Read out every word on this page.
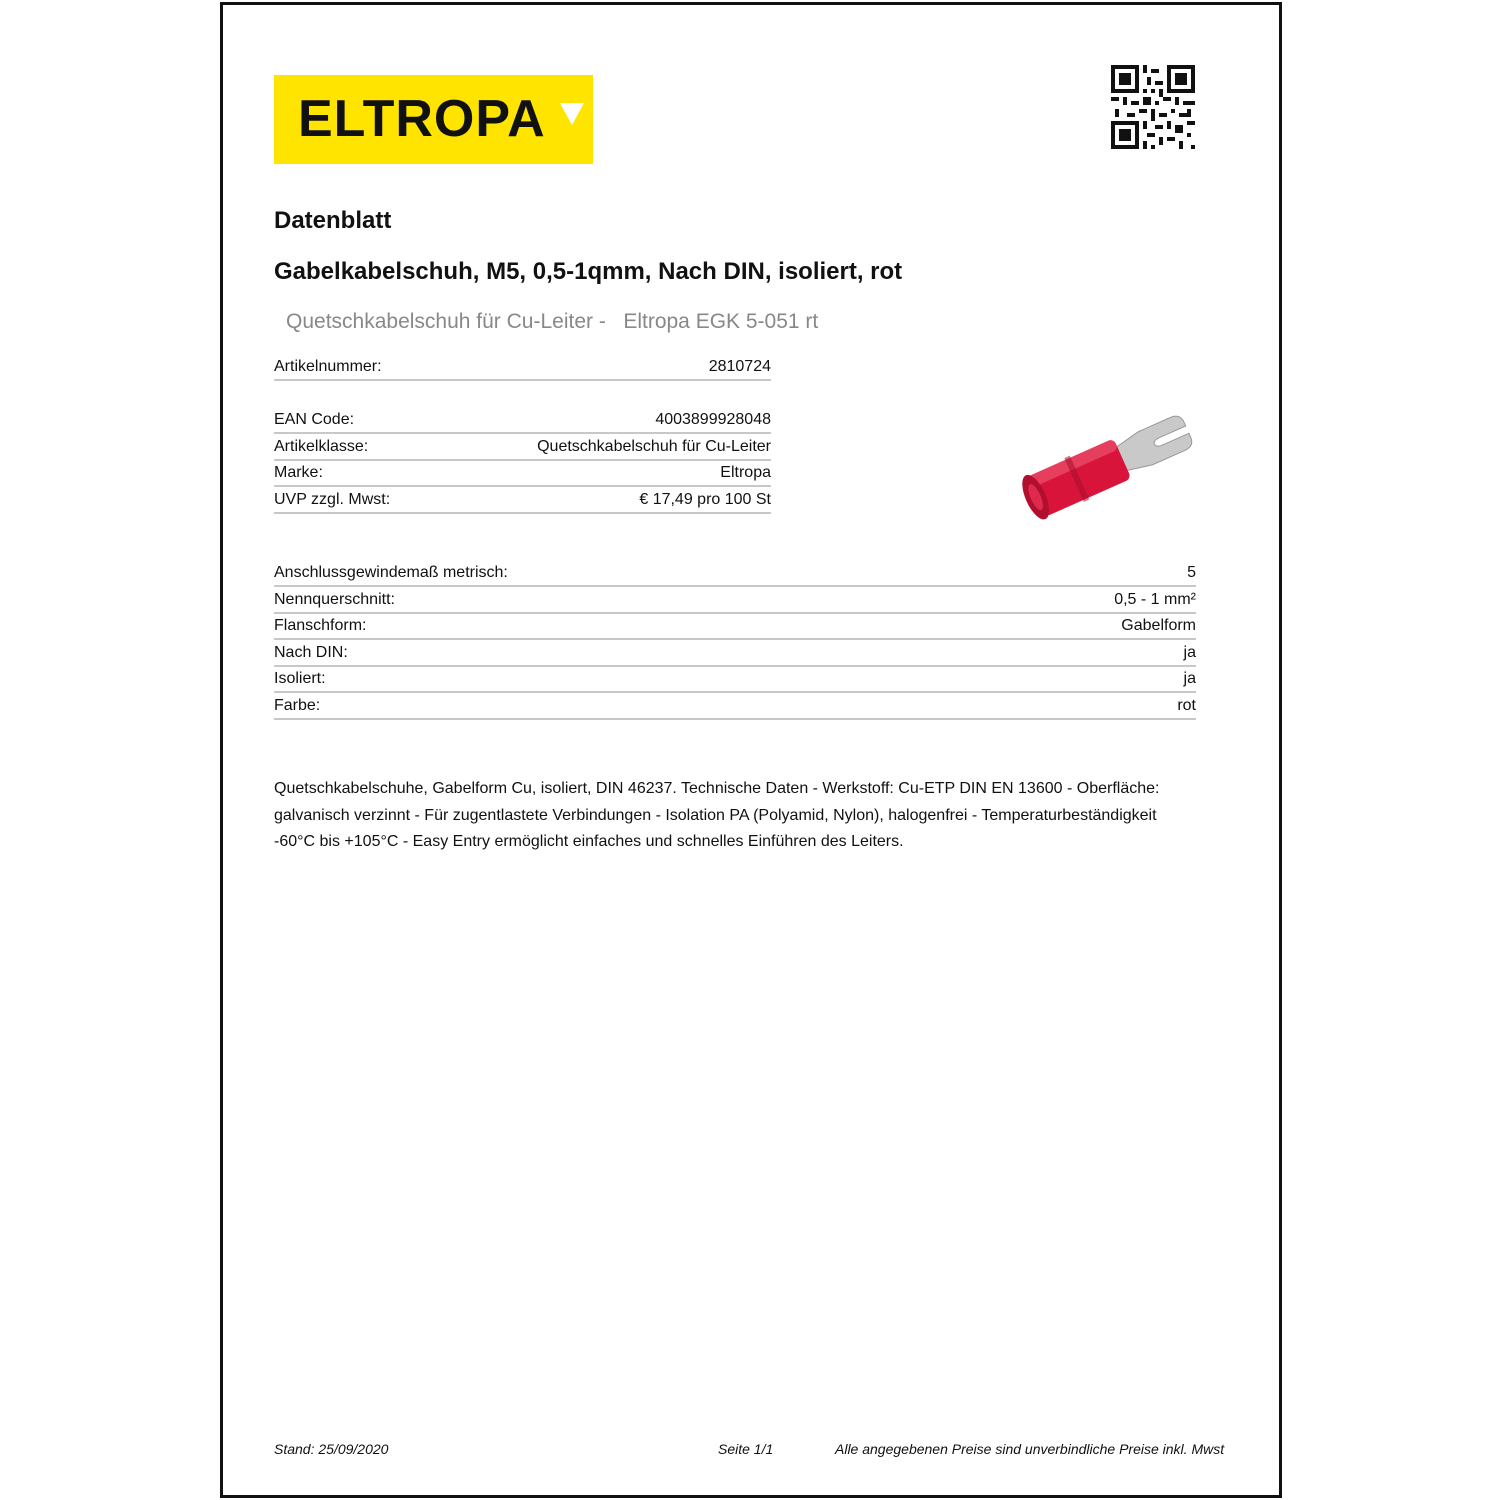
ELTROPA
Datenblatt
Gabelkabelschuh, M5, 0,5-1qmm, Nach DIN, isoliert, rot
Quetschkabelschuh für Cu-Leiter -   Eltropa EGK 5-051 rt
Artikelnummer:	2810724
EAN Code:	4003899928048
Artikelklasse:	Quetschkabelschuh für Cu-Leiter
Marke:	Eltropa
UVP zzgl. Mwst:	€ 17,49 pro 100 St
Anschlussgewindemaß metrisch:	5
Nennquerschnitt:	0,5 - 1 mm²
Flanschform:	Gabelform
Nach DIN:	ja
Isoliert:	ja
Farbe:	rot
Quetschkabelschuhe, Gabelform Cu, isoliert, DIN 46237. Technische Daten - Werkstoff: Cu-ETP DIN EN 13600 - Oberfläche: galvanisch verzinnt - Für zugentlastete Verbindungen - Isolation PA (Polyamid, Nylon), halogenfrei - Temperaturbeständigkeit -60°C bis +105°C - Easy Entry ermöglicht einfaches und schnelles Einführen des Leiters.
Stand: 25/09/2020	Seite 1/1	Alle angegebenen Preise sind unverbindliche Preise inkl. Mwst
